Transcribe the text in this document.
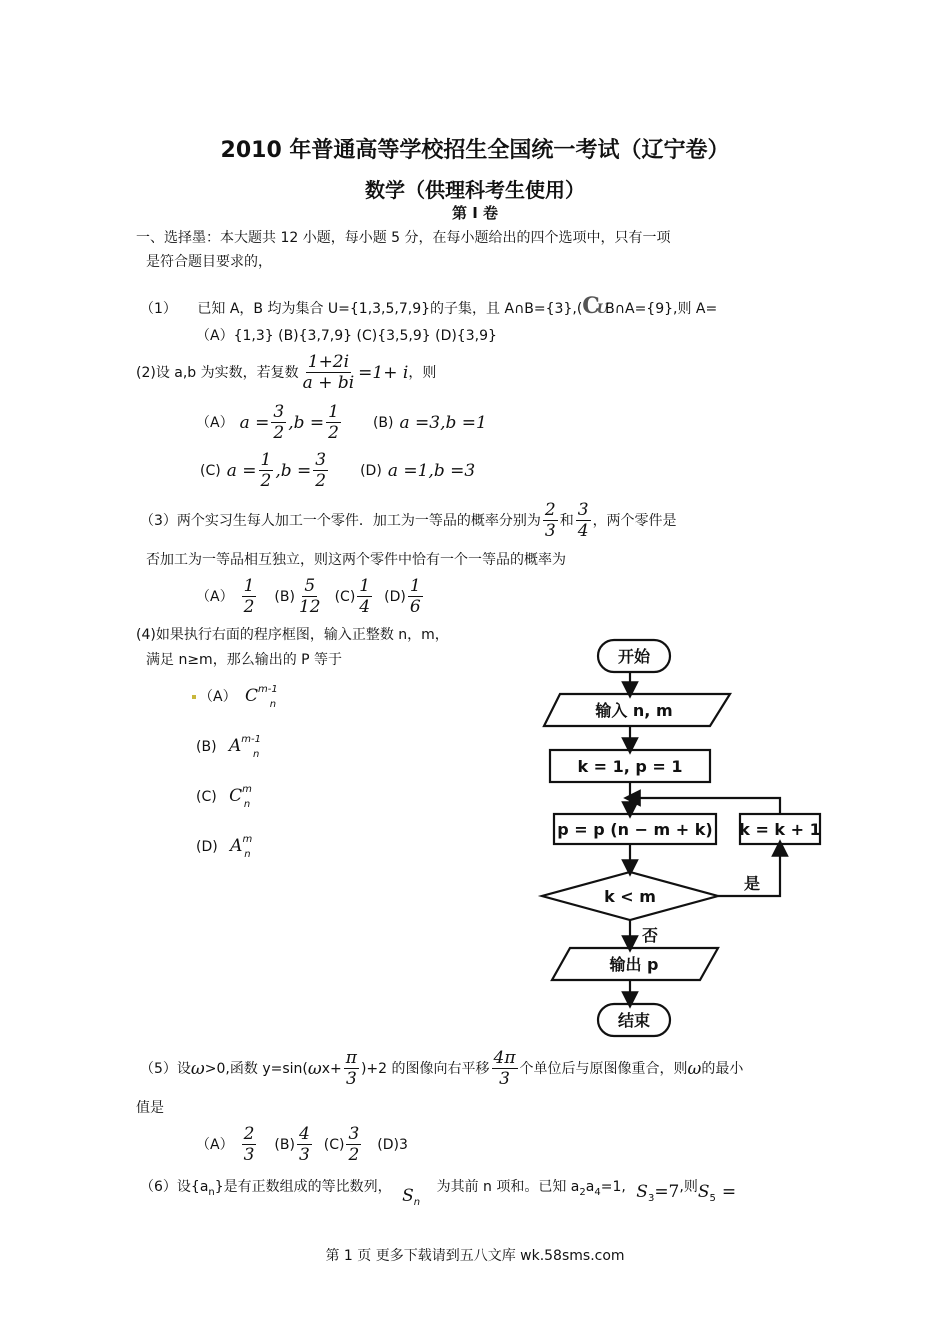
2010 年普通高等学校招生全国统一考试（辽宁卷）
数学（供理科考生使用）
第 I 卷
一、选择墨：本大题共 12 小题，每小题 5 分，在每小题给出的四个选项中，只有一项
是符合题目要求的，
（1） 已知 A，B 均为集合 U={1,3,5,7,9}的子集，且 A∩B={3},(CUB∩A={9},则 A=
（A）{1,3} (B){3,7,9} (C){3,5,9} (D){3,9}
(2)设 a,b 为实数，若复数 $\frac{1+2i}{a + bi} =1+ i$ ，则
（A） $a = \frac{3}{2} ,b = \frac{1}{2} (B)$ a =3,b =1
(C) $a = \frac{1}{2} ,b = \frac{3}{2} (D)$ a =1,b =3
（3）两个实习生每人加工一个零件．加工为一等品的概率分别为 $\frac{2}{3}$ 和 $\frac{3}{4}$ ，两个零件是
否加工为一等品相互独立，则这两个零件中恰有一个一等品的概率为
$(A) \frac{1}{2} (B) \frac{5}{12} (C) \frac{1}{4} (D) \frac{1}{6}$
(4)如果执行右面的程序框图，输入正整数 n，m，
满足 n≥m，那么输出的 P 等于
（A） $C^{m-1}_n$
(B) $A^{m-1}_n$
(C) $C^m_n$
(D) $A^m_n$
开始
输入 n, m
k = 1, p = 1
p = p (n − m + k) k = k + 1
k < m
是
否
输出 p
结束
（5）设 ω >0,函数 y=sin( ω $x+ \frac{\pi}{3} )+2$ 的图像向右平移 $\frac{4\pi}{3}$ 个单位后与原图像重合，则 ω 的最小
值是
$(A) \frac{2}{3} (B) \frac{4}{3} (C) \frac{3}{2} (D)3$
（6）设$\{a_n\}$是有正数组成的等比数列， $S_n$ 为其前 n 项和。已知 $a_2a_4=1$, $S_3=7$,则$S_5$ =
第 1 页 更多下载请到五八文库 wk.58sms.com
